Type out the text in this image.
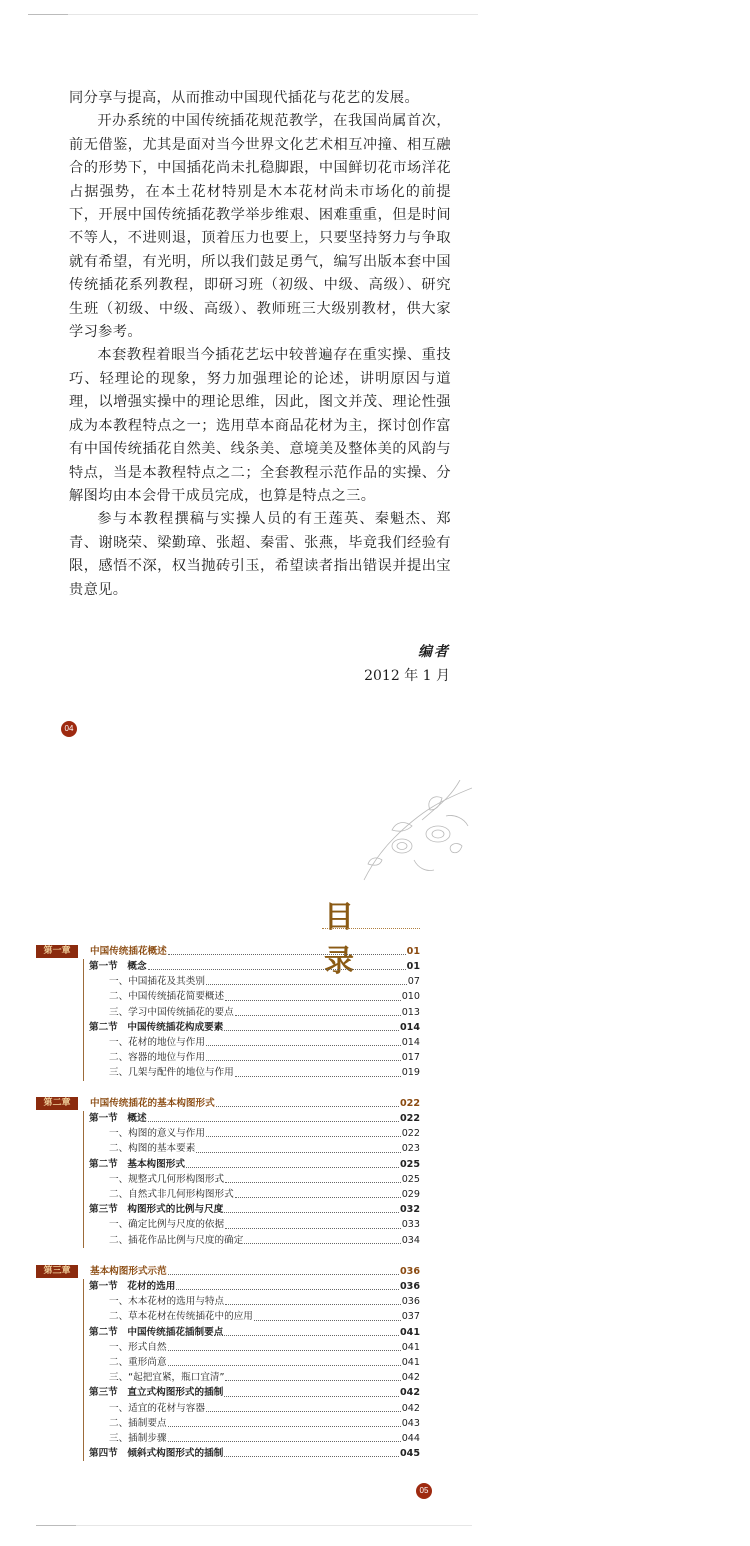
同分享与提高，从而推动中国现代插花与花艺的发展。

开办系统的中国传统插花规范教学，在我国尚属首次，前无借鉴，尤其是面对当今世界文化艺术相互冲撞、相互融合的形势下，中国插花尚未扎稳脚跟，中国鲜切花市场洋花占据强势，在本土花材特别是木本花材尚未市场化的前提下，开展中国传统插花教学举步维艰、困难重重，但是时间不等人，不进则退，顶着压力也要上，只要坚持努力与争取就有希望，有光明，所以我们鼓足勇气，编写出版本套中国传统插花系列教程，即研习班（初级、中级、高级）、研究生班（初级、中级、高级）、教师班三大级别教材，供大家学习参考。

本套教程着眼当今插花艺坛中较普遍存在重实操、重技巧、轻理论的现象，努力加强理论的论述，讲明原因与道理，以增强实操中的理论思维，因此，图文并茂、理论性强成为本教程特点之一；选用草本商品花材为主，探讨创作富有中国传统插花自然美、线条美、意境美及整体美的风韵与特点，当是本教程特点之二；全套教程示范作品的实操、分解图均由本会骨干成员完成，也算是特点之三。

参与本教程撰稿与实操人员的有王莲英、秦魁杰、郑青、谢晓荣、梁勤璋、张超、秦雷、张燕，毕竟我们经验有限，感悟不深，权当抛砖引玉，希望读者指出错误并提出宝贵意见。

编者
2012 年 1 月
04
目 录
第一章	中国传统插花概述	01
第一节　概念	01
一、中国插花及其类别	07
二、中国传统插花简要概述	010
三、学习中国传统插花的要点	013
第二节　中国传统插花构成要素	014
一、花材的地位与作用	014
二、容器的地位与作用	017
三、几架与配件的地位与作用	019
第二章	中国传统插花的基本构图形式	022
第一节　概述	022
一、构图的意义与作用	022
二、构图的基本要素	023
第二节　基本构图形式	025
一、规整式几何形构图形式	025
二、自然式非几何形构图形式	029
第三节　构图形式的比例与尺度	032
一、确定比例与尺度的依据	033
二、插花作品比例与尺度的确定	034
第三章	基本构图形式示范	036
第一节　花材的选用	036
一、木本花材的选用与特点	036
二、草本花材在传统插花中的应用	037
第二节　中国传统插花插制要点	041
一、形式自然	041
二、重形尚意	041
三、“起把宜紧，瓶口宜清”	042
第三节　直立式构图形式的插制	042
一、适宜的花材与容器	042
二、插制要点	043
三、插制步骤	044
第四节　倾斜式构图形式的插制	045
05
